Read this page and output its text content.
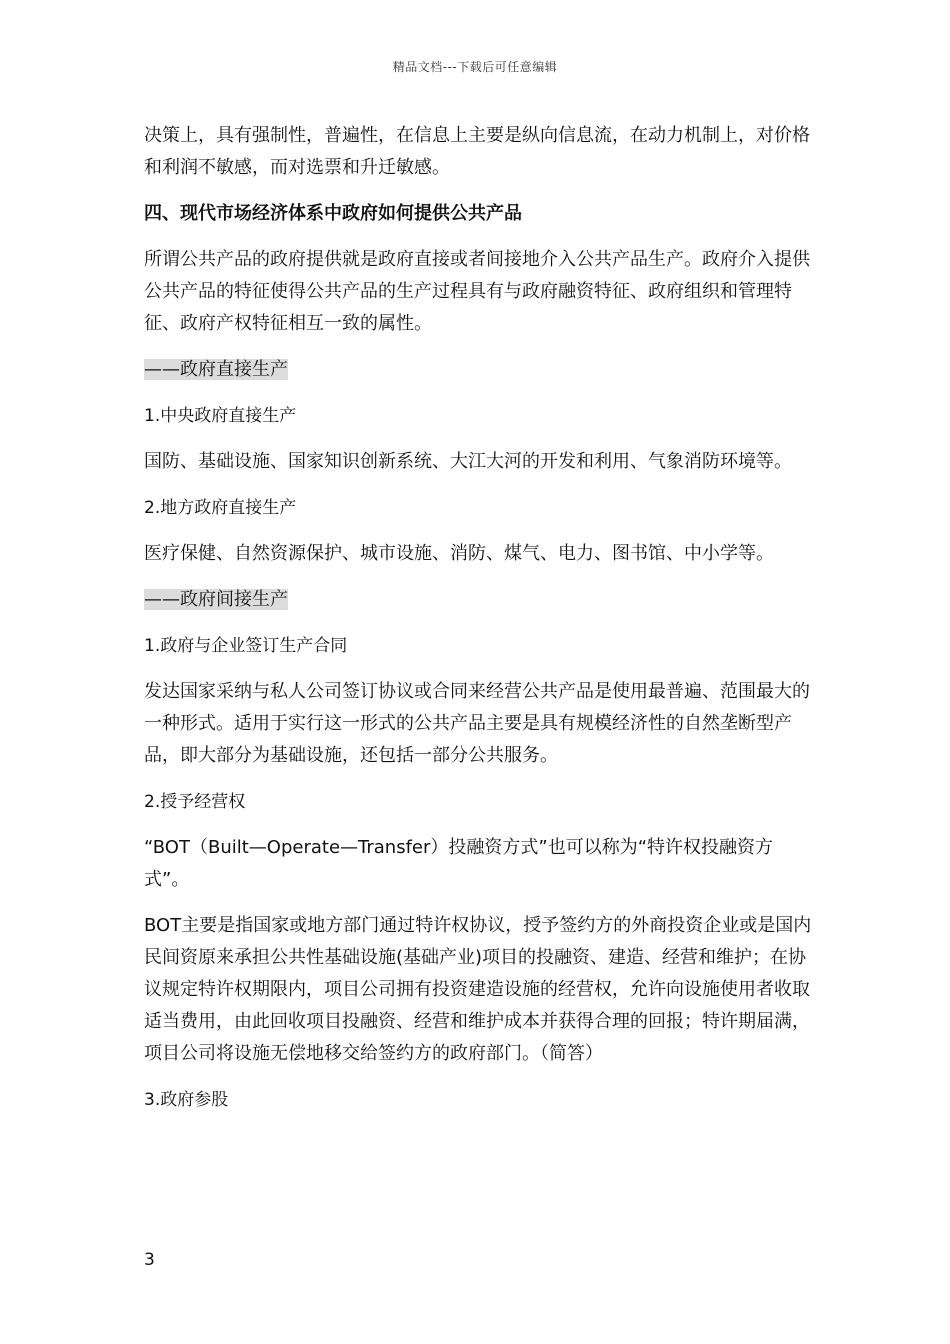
精品文档---下载后可任意编辑

决策上，具有强制性，普遍性，在信息上主要是纵向信息流，在动力机制上，对价格和利润不敏感，而对选票和升迁敏感。

四、现代市场经济体系中政府如何提供公共产品

所谓公共产品的政府提供就是政府直接或者间接地介入公共产品生产。政府介入提供公共产品的特征使得公共产品的生产过程具有与政府融资特征、政府组织和管理特征、政府产权特征相互一致的属性。

——政府直接生产

1.中央政府直接生产

国防、基础设施、国家知识创新系统、大江大河的开发和利用、气象消防环境等。

2.地方政府直接生产

医疗保健、自然资源保护、城市设施、消防、煤气、电力、图书馆、中小学等。

——政府间接生产

1.政府与企业签订生产合同

发达国家采纳与私人公司签订协议或合同来经营公共产品是使用最普遍、范围最大的一种形式。适用于实行这一形式的公共产品主要是具有规模经济性的自然垄断型产品，即大部分为基础设施，还包括一部分公共服务。

2.授予经营权

“BOT（Built—Operate—Transfer）投融资方式”也可以称为“特许权投融资方式”。

BOT主要是指国家或地方部门通过特许权协议，授予签约方的外商投资企业或是国内民间资原来承担公共性基础设施(基础产业)项目的投融资、建造、经营和维护；在协议规定特许权期限内，项目公司拥有投资建造设施的经营权，允许向设施使用者收取适当费用，由此回收项目投融资、经营和维护成本并获得合理的回报；特许期届满，项目公司将设施无偿地移交给签约方的政府部门。（简答）

3.政府参股

3
